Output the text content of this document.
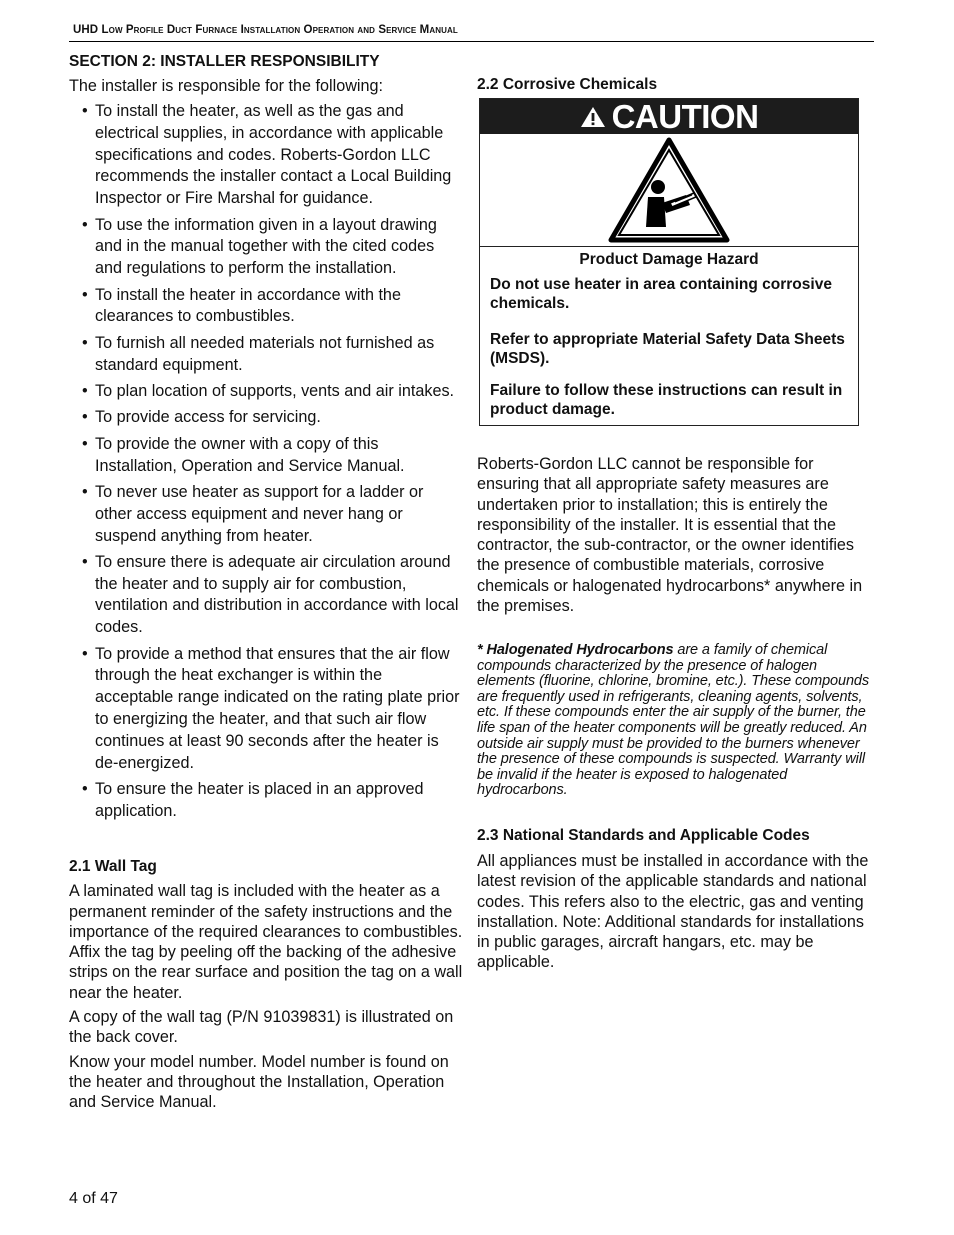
UHD Low Profile Duct Furnace Installation Operation and Service Manual
SECTION 2: INSTALLER RESPONSIBILITY

The installer is responsible for the following:

• To install the heater, as well as the gas and electrical supplies, in accordance with applicable specifications and codes. Roberts-Gordon LLC recommends the installer contact a Local Building Inspector or Fire Marshal for guidance.
• To use the information given in a layout drawing and in the manual together with the cited codes and regulations to perform the installation.
• To install the heater in accordance with the clearances to combustibles.
• To furnish all needed materials not furnished as standard equipment.
• To plan location of supports, vents and air intakes.
• To provide access for servicing.
• To provide the owner with a copy of this Installation, Operation and Service Manual.
• To never use heater as support for a ladder or other access equipment and never hang or suspend anything from heater.
• To ensure there is adequate air circulation around the heater and to supply air for combustion, ventilation and distribution in accordance with local codes.
• To provide a method that ensures that the air flow through the heat exchanger is within the acceptable range indicated on the rating plate prior to energizing the heater, and that such air flow continues at least 90 seconds after the heater is de-energized.
• To ensure the heater is placed in an approved application.
2.1 Wall Tag

A laminated wall tag is included with the heater as a permanent reminder of the safety instructions and the importance of the required clearances to combustibles. Affix the tag by peeling off the backing of the adhesive strips on the rear surface and position the tag on a wall near the heater.

A copy of the wall tag (P/N 91039831) is illustrated on the back cover.

Know your model number. Model number is found on the heater and throughout the Installation, Operation and Service Manual.

2.2 Corrosive Chemicals
CAUTION
Product Damage Hazard
Do not use heater in area containing corrosive chemicals.
Refer to appropriate Material Safety Data Sheets (MSDS).
Failure to follow these instructions can result in product damage.

Roberts-Gordon LLC cannot be responsible for ensuring that all appropriate safety measures are undertaken prior to installation; this is entirely the responsibility of the installer. It is essential that the contractor, the sub-contractor, or the owner identifies the presence of combustible materials, corrosive chemicals or halogenated hydrocarbons* anywhere in the premises.

* Halogenated Hydrocarbons are a family of chemical compounds characterized by the presence of halogen elements (fluorine, chlorine, bromine, etc.). These compounds are frequently used in refrigerants, cleaning agents, solvents, etc. If these compounds enter the air supply of the burner, the life span of the heater components will be greatly reduced. An outside air supply must be provided to the burners whenever the presence of these compounds is suspected. Warranty will be invalid if the heater is exposed to halogenated hydrocarbons.

2.3 National Standards and Applicable Codes

All appliances must be installed in accordance with the latest revision of the applicable standards and national codes. This refers also to the electric, gas and venting installation. Note: Additional standards for installations in public garages, aircraft hangars, etc. may be applicable.

4 of 47
